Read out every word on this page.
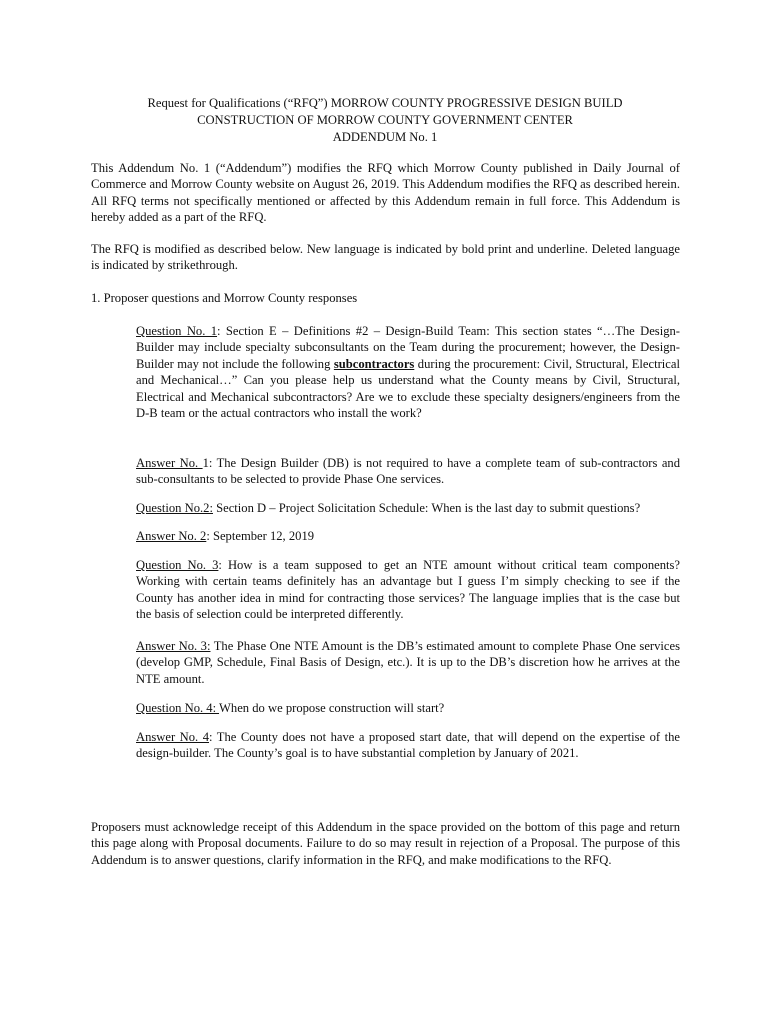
Request for Qualifications (“RFQ”) MORROW COUNTY PROGRESSIVE DESIGN BUILD
CONSTRUCTION OF MORROW COUNTY GOVERNMENT CENTER
ADDENDUM No. 1
This Addendum No. 1 (“Addendum”) modifies the RFQ which Morrow County published in Daily Journal of Commerce and Morrow County website on August 26, 2019. This Addendum modifies the RFQ as described herein. All RFQ terms not specifically mentioned or affected by this Addendum remain in full force. This Addendum is hereby added as a part of the RFQ.
The RFQ is modified as described below. New language is indicated by bold print and underline. Deleted language is indicated by strikethrough.
1. Proposer questions and Morrow County responses
Question No. 1: Section E – Definitions #2 – Design-Build Team: This section states “…The Design-Builder may include specialty subconsultants on the Team during the procurement; however, the Design-Builder may not include the following subcontractors during the procurement: Civil, Structural, Electrical and Mechanical…” Can you please help us understand what the County means by Civil, Structural, Electrical and Mechanical subcontractors? Are we to exclude these specialty designers/engineers from the D-B team or the actual contractors who install the work?
Answer No. 1: The Design Builder (DB) is not required to have a complete team of sub-contractors and sub-consultants to be selected to provide Phase One services.
Question No.2: Section D – Project Solicitation Schedule: When is the last day to submit questions?
Answer No. 2: September 12, 2019
Question No. 3: How is a team supposed to get an NTE amount without critical team components? Working with certain teams definitely has an advantage but I guess I’m simply checking to see if the County has another idea in mind for contracting those services? The language implies that is the case but the basis of selection could be interpreted differently.
Answer No. 3: The Phase One NTE Amount is the DB’s estimated amount to complete Phase One services (develop GMP, Schedule, Final Basis of Design, etc.). It is up to the DB’s discretion how he arrives at the NTE amount.
Question No. 4: When do we propose construction will start?
Answer No. 4: The County does not have a proposed start date, that will depend on the expertise of the design-builder. The County’s goal is to have substantial completion by January of 2021.
Proposers must acknowledge receipt of this Addendum in the space provided on the bottom of this page and return this page along with Proposal documents. Failure to do so may result in rejection of a Proposal. The purpose of this Addendum is to answer questions, clarify information in the RFQ, and make modifications to the RFQ.
